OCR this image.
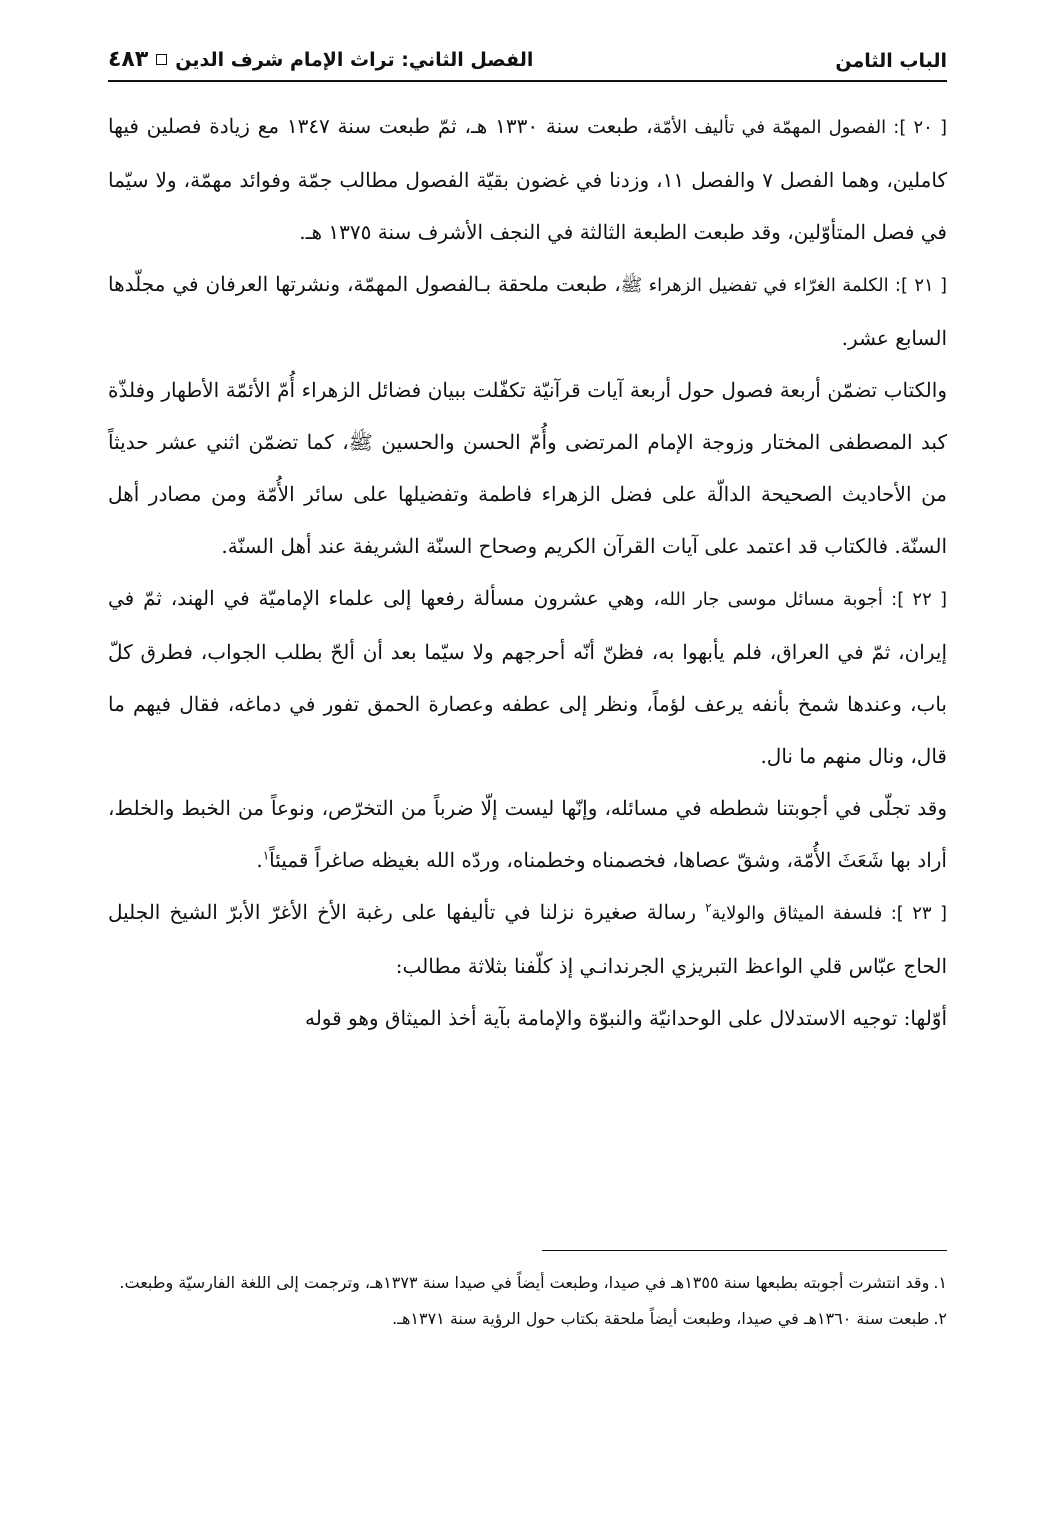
الباب الثامن
الفصل الثاني: تراث الإمام شرف الدين
٤٨٣

[ ٢٠ ]: الفصول المهمّة في تأليف الأمّة، طبعت سنة ١٣٣٠ هـ، ثمّ طبعت سنة ١٣٤٧ مع زيادة فصلين فيها كاملين، وهما الفصل ٧ والفصل ١١، وزدنا في غضون بقيّة الفصول مطالب جمّة وفوائد مهمّة، ولا سيّما في فصل المتأوّلين، وقد طبعت الطبعة الثالثة في النجف الأشرف سنة ١٣٧٥ هـ.

[ ٢١ ]: الكلمة الغرّاء في تفضيل الزهراء ﷺ، طبعت ملحقة بـالفصول المهمّة، ونشرتها العرفان في مجلّدها السابع عشر.

والكتاب تضمّن أربعة فصول حول أربعة آيات قرآنيّة تكفّلت ببيان فضائل الزهراء أُمّ الأئمّة الأطهار وفلذّة كبد المصطفى المختار وزوجة الإمام المرتضى وأُمّ الحسن والحسين ﷺ، كما تضمّن اثني عشر حديثاً من الأحاديث الصحيحة الدالّة على فضل الزهراء فاطمة وتفضيلها على سائر الأُمّة ومن مصادر أهل السنّة. فالكتاب قد اعتمد على آيات القرآن الكريم وصحاح السنّة الشريفة عند أهل السنّة.

[ ٢٢ ]: أجوبة مسائل موسى جار الله، وهي عشرون مسألة رفعها إلى علماء الإماميّة في الهند، ثمّ في إيران، ثمّ في العراق، فلم يأبهوا به، فظنّ أنّه أحرجهم ولا سيّما بعد أن ألحّ بطلب الجواب، فطرق كلّ باب، وعندها شمخ بأنفه يرعف لؤماً، ونظر إلى عطفه وعصارة الحمق تفور في دماغه، فقال فيهم ما قال، ونال منهم ما نال.

وقد تجلّى في أجوبتنا شططه في مسائله، وإنّها ليست إلّا ضرباً من التخرّص، ونوعاً من الخبط والخلط، أراد بها شَعَثَ الأُمّة، وشقّ عصاها، فخصمناه وخطمناه، وردّه الله بغيظه صاغراً قميئاً$^١$.

[ ٢٣ ]: فلسفة الميثاق والولاية$^٢$ رسالة صغيرة نزلنا في تأليفها على رغبة الأخ الأغرّ الأبرّ الشيخ الجليل الحاج عبّاس قلي الواعظ التبريزي الجرندانـي إذ كلّفنا بثلاثة مطالب:

أوّلها: توجيه الاستدلال على الوحدانيّة والنبوّة والإمامة بآية أخذ الميثاق وهو قوله

١.وقد انتشرت أجوبته بطبعها سنة ١٣٥٥هـ في صيدا، وطبعت أيضاً في صيدا سنة ١٣٧٣هـ، وترجمت إلى اللغة الفارسيّة وطبعت.

٢.طبعت سنة ١٣٦٠هـ في صيدا، وطبعت أيضاً ملحقة بكتاب حول الرؤية سنة ١٣٧١هـ.
